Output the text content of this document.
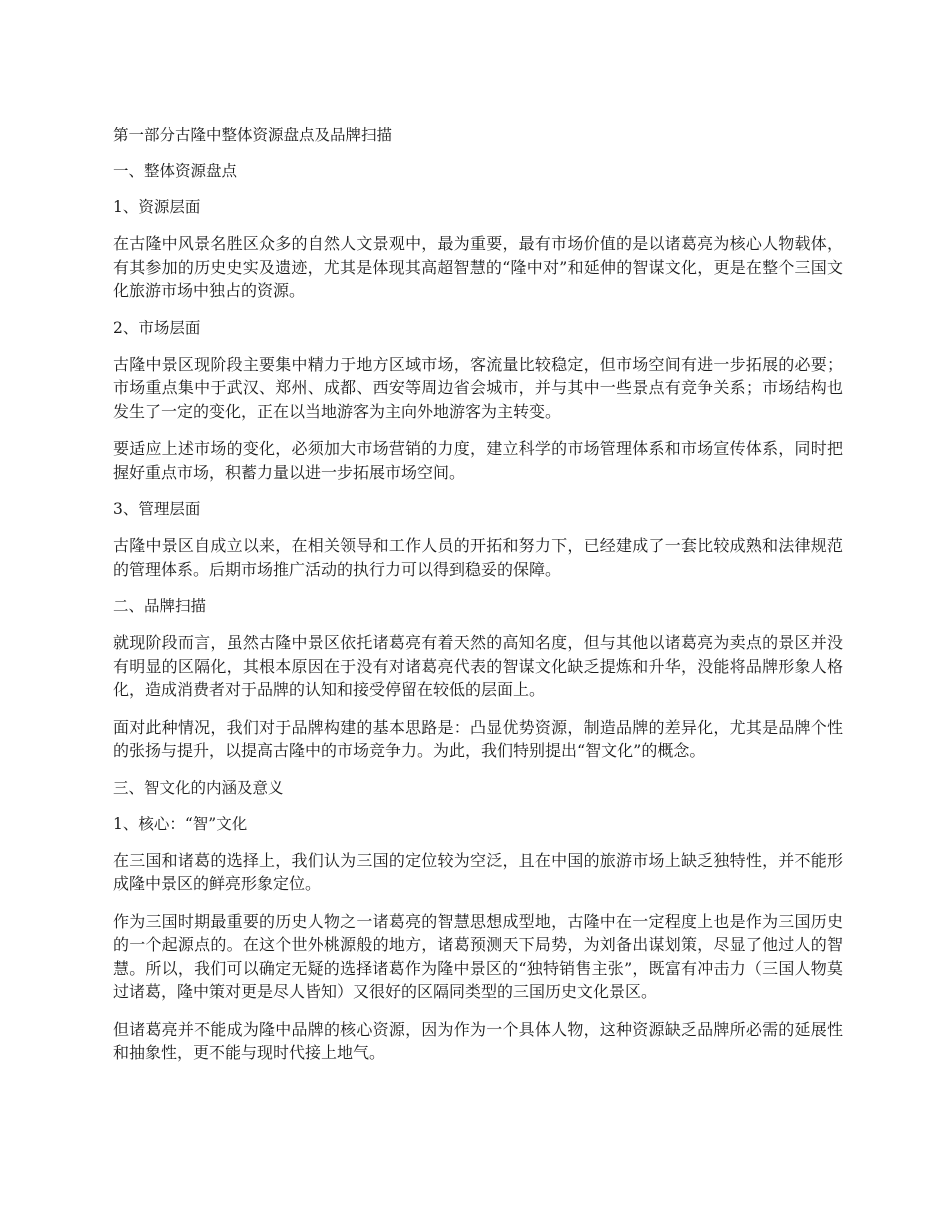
第一部分古隆中整体资源盘点及品牌扫描
一、整体资源盘点
1、资源层面
在古隆中风景名胜区众多的自然人文景观中，最为重要，最有市场价值的是以诸葛亮为核心人物载体，有其参加的历史史实及遗迹，尤其是体现其高超智慧的“隆中对”和延伸的智谋文化，更是在整个三国文化旅游市场中独占的资源。
2、市场层面
古隆中景区现阶段主要集中精力于地方区域市场，客流量比较稳定，但市场空间有进一步拓展的必要；市场重点集中于武汉、郑州、成都、西安等周边省会城市，并与其中一些景点有竞争关系；市场结构也发生了一定的变化，正在以当地游客为主向外地游客为主转变。
要适应上述市场的变化，必须加大市场营销的力度，建立科学的市场管理体系和市场宣传体系，同时把握好重点市场，积蓄力量以进一步拓展市场空间。
3、管理层面
古隆中景区自成立以来，在相关领导和工作人员的开拓和努力下，已经建成了一套比较成熟和法律规范的管理体系。后期市场推广活动的执行力可以得到稳妥的保障。
二、品牌扫描
就现阶段而言，虽然古隆中景区依托诸葛亮有着天然的高知名度，但与其他以诸葛亮为卖点的景区并没有明显的区隔化，其根本原因在于没有对诸葛亮代表的智谋文化缺乏提炼和升华，没能将品牌形象人格化，造成消费者对于品牌的认知和接受停留在较低的层面上。
面对此种情况，我们对于品牌构建的基本思路是：凸显优势资源，制造品牌的差异化，尤其是品牌个性的张扬与提升，以提高古隆中的市场竞争力。为此，我们特别提出“智文化”的概念。
三、智文化的内涵及意义
1、核心：“智”文化
在三国和诸葛的选择上，我们认为三国的定位较为空泛，且在中国的旅游市场上缺乏独特性，并不能形成隆中景区的鲜亮形象定位。
作为三国时期最重要的历史人物之一诸葛亮的智慧思想成型地，古隆中在一定程度上也是作为三国历史的一个起源点的。在这个世外桃源般的地方，诸葛预测天下局势，为刘备出谋划策，尽显了他过人的智慧。所以，我们可以确定无疑的选择诸葛作为隆中景区的“独特销售主张”，既富有冲击力（三国人物莫过诸葛，隆中策对更是尽人皆知）又很好的区隔同类型的三国历史文化景区。
但诸葛亮并不能成为隆中品牌的核心资源，因为作为一个具体人物，这种资源缺乏品牌所必需的延展性和抽象性，更不能与现时代接上地气。
